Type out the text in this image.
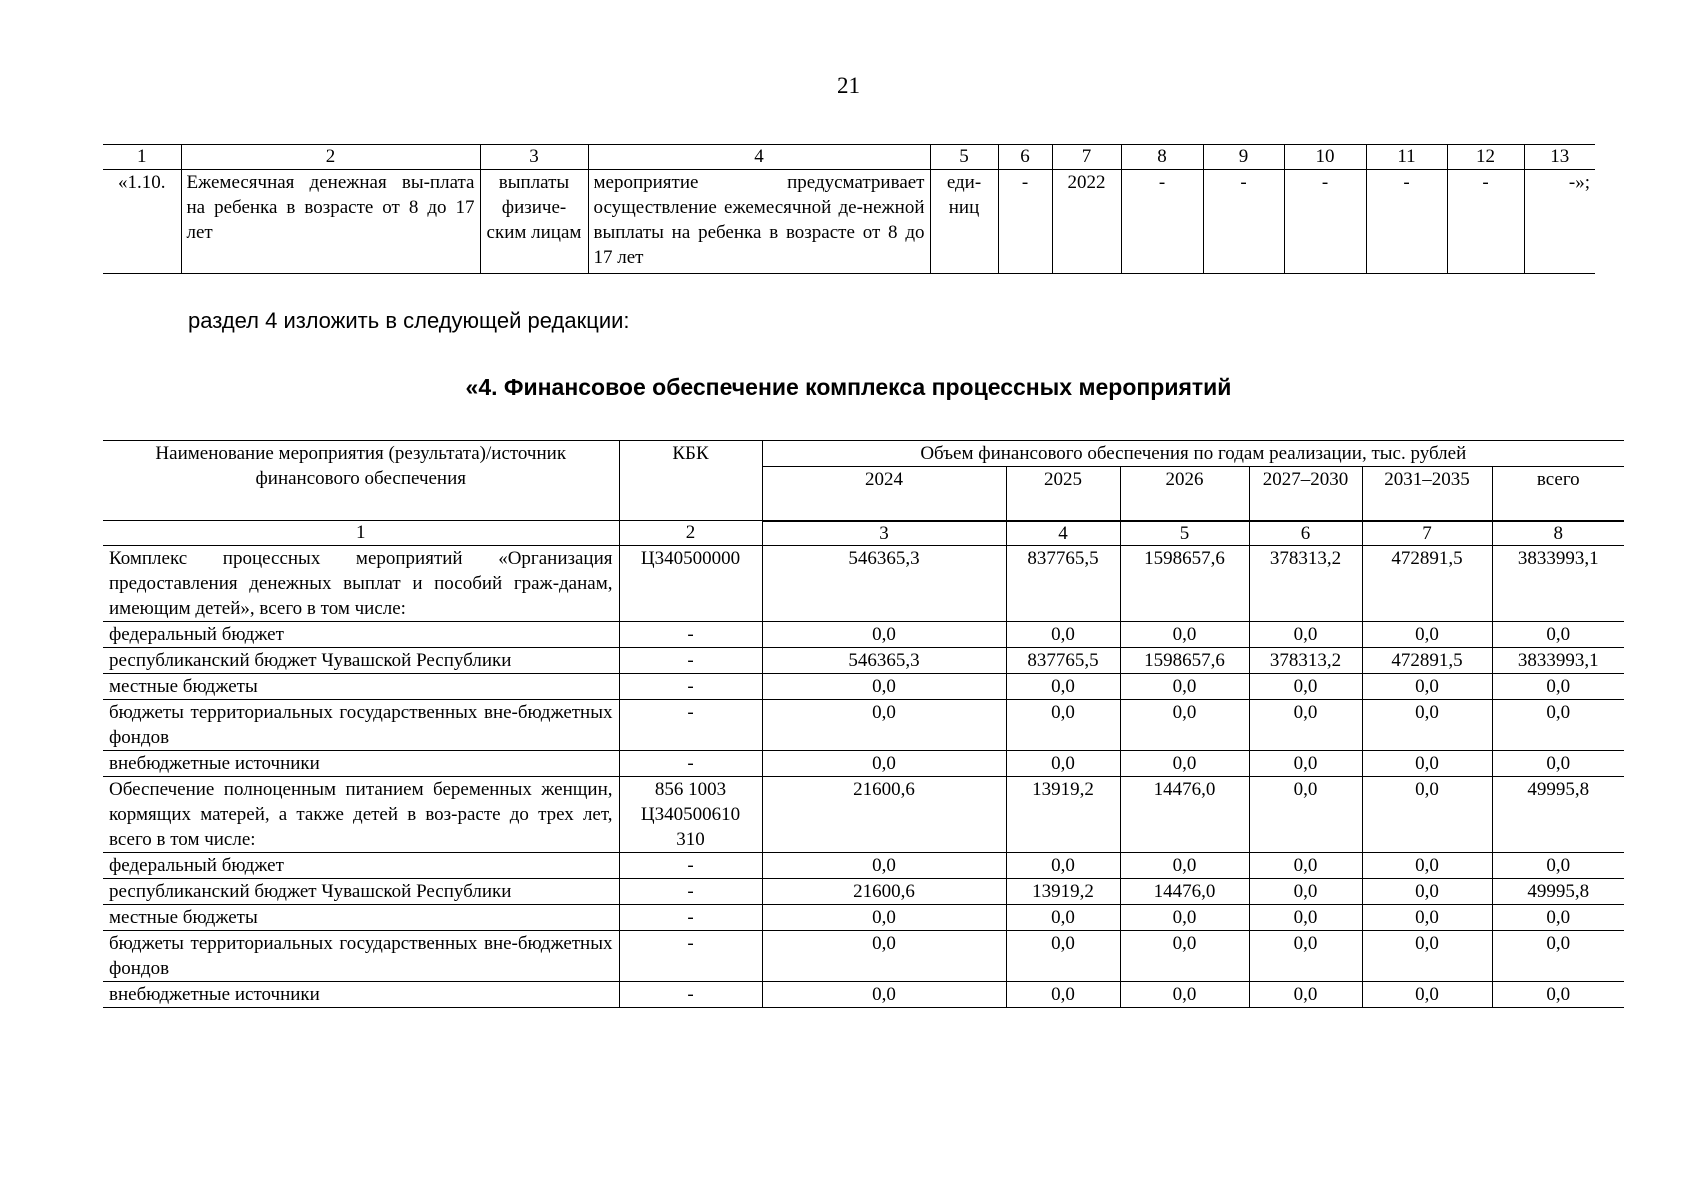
21
1	2	3	4	5	6	7	8	9	10	11	12	13
«1.10.	Ежемесячная денежная вы-плата на ребенка в возрасте от 8 до 17 лет	выплаты физиче-ским лицам	мероприятие предусматривает осуществление ежемесячной де-нежной выплаты на ребенка в возрасте от 8 до 17 лет	еди-ниц	-	2022	-	-	-	-	-	-»;
раздел 4 изложить в следующей редакции:
«4. Финансовое обеспечение комплекса процессных мероприятий
Наименование мероприятия (результата)/источник финансового обеспечения	КБК	Объем финансового обеспечения по годам реализации, тыс. рублей					
		2024	2025	2026	2027–2030	2031–2035	всего
1	2	3	4	5	6	7	8
Комплекс процессных мероприятий «Организация предоставления денежных выплат и пособий граж-данам, имеющим детей», всего в том числе:	Ц340500000	546365,3	837765,5	1598657,6	378313,2	472891,5	3833993,1
федеральный бюджет	-	0,0	0,0	0,0	0,0	0,0	0,0
республиканский бюджет Чувашской Республики	-	546365,3	837765,5	1598657,6	378313,2	472891,5	3833993,1
местные бюджеты	-	0,0	0,0	0,0	0,0	0,0	0,0
бюджеты территориальных государственных вне-бюджетных фондов	-	0,0	0,0	0,0	0,0	0,0	0,0
внебюджетные источники	-	0,0	0,0	0,0	0,0	0,0	0,0
Обеспечение полноценным питанием беременных женщин, кормящих матерей, а также детей в воз-расте до трех лет, всего в том числе:	856 1003 Ц340500610 310	21600,6	13919,2	14476,0	0,0	0,0	49995,8
федеральный бюджет	-	0,0	0,0	0,0	0,0	0,0	0,0
республиканский бюджет Чувашской Республики	-	21600,6	13919,2	14476,0	0,0	0,0	49995,8
местные бюджеты	-	0,0	0,0	0,0	0,0	0,0	0,0
бюджеты территориальных государственных вне-бюджетных фондов	-	0,0	0,0	0,0	0,0	0,0	0,0
внебюджетные источники	-	0,0	0,0	0,0	0,0	0,0	0,0
